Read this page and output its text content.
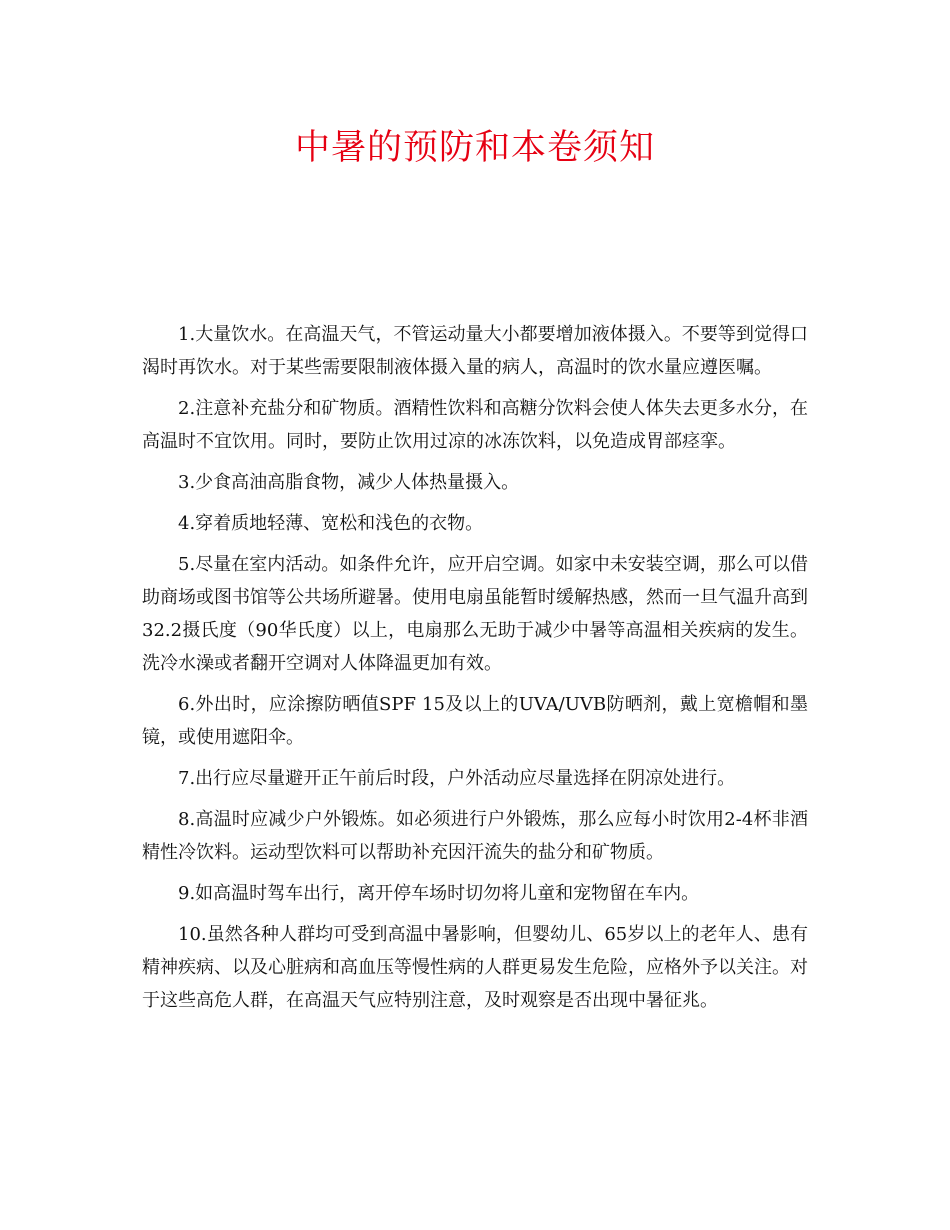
中暑的预防和本卷须知

1.大量饮水。在高温天气，不管运动量大小都要增加液体摄入。不要等到觉得口渴时再饮水。对于某些需要限制液体摄入量的病人，高温时的饮水量应遵医嘱。

2.注意补充盐分和矿物质。酒精性饮料和高糖分饮料会使人体失去更多水分，在高温时不宜饮用。同时，要防止饮用过凉的冰冻饮料，以免造成胃部痉挛。

3.少食高油高脂食物，减少人体热量摄入。

4.穿着质地轻薄、宽松和浅色的衣物。

5.尽量在室内活动。如条件允许，应开启空调。如家中未安装空调，那么可以借助商场或图书馆等公共场所避暑。使用电扇虽能暂时缓解热感，然而一旦气温升高到32.2摄氏度（90华氏度）以上，电扇那么无助于减少中暑等高温相关疾病的发生。洗冷水澡或者翻开空调对人体降温更加有效。

6.外出时，应涂擦防晒值SPF 15及以上的UVA/UVB防晒剂，戴上宽檐帽和墨镜，或使用遮阳伞。

7.出行应尽量避开正午前后时段，户外活动应尽量选择在阴凉处进行。

8.高温时应减少户外锻炼。如必须进行户外锻炼，那么应每小时饮用2-4杯非酒精性冷饮料。运动型饮料可以帮助补充因汗流失的盐分和矿物质。

9.如高温时驾车出行，离开停车场时切勿将儿童和宠物留在车内。

10.虽然各种人群均可受到高温中暑影响，但婴幼儿、65岁以上的老年人、患有精神疾病、以及心脏病和高血压等慢性病的人群更易发生危险，应格外予以关注。对于这些高危人群，在高温天气应特别注意，及时观察是否出现中暑征兆。
